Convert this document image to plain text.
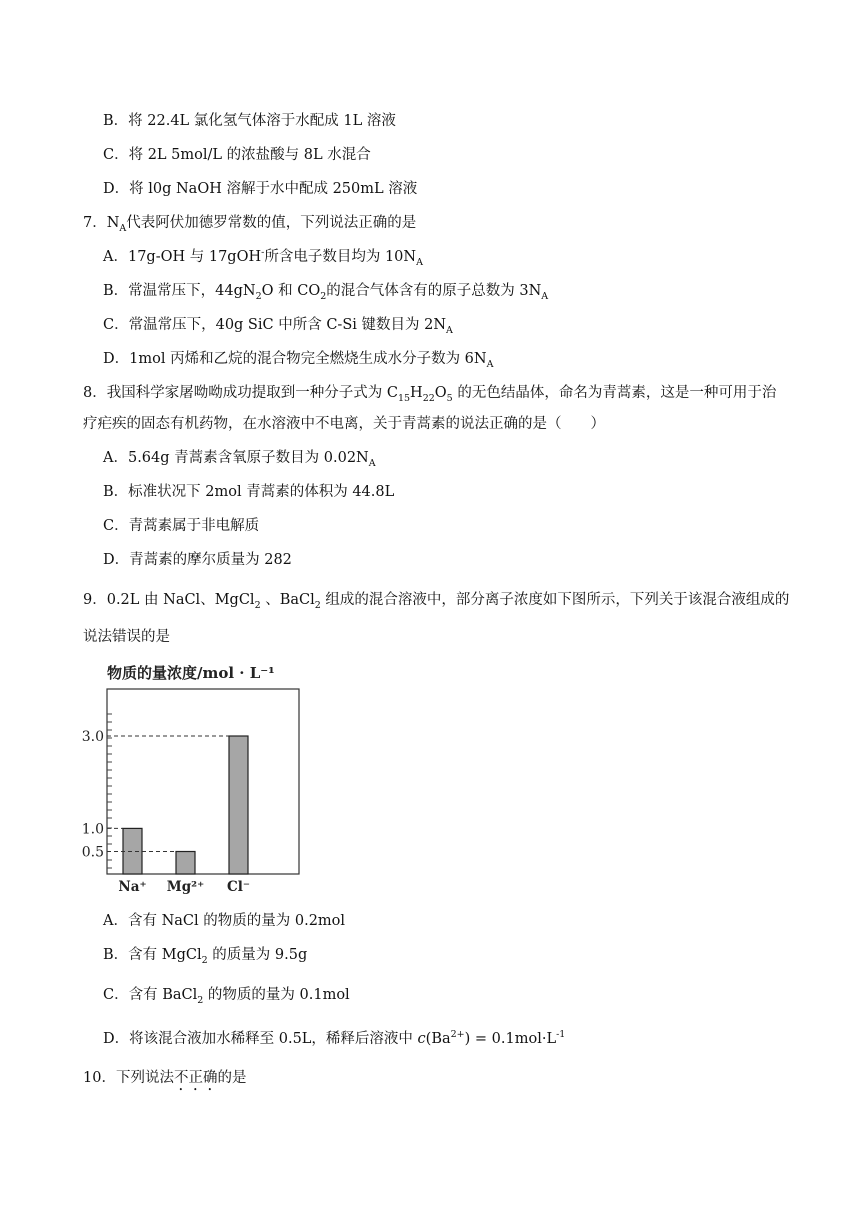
B．将 22.4L 氯化氢气体溶于水配成 1L 溶液
C．将 2L 5mol/L 的浓盐酸与 8L 水混合
D．将 l0g NaOH 溶解于水中配成 250mL 溶液
7．$N_A$代表阿伏加德罗常数的值，下列说法正确的是
A．17g-OH 与 17gOH-所含电子数目均为 $10N_A$
B．常温常压下，$44gN_2O$ 和 $CO_2$的混合气体含有的原子总数为 $3N_A$
C．常温常压下，40g SiC 中所含 C-Si 键数目为 $2N_A$
D．1mol 丙烯和乙烷的混合物完全燃烧生成水分子数为 $6N_A$
8．我国科学家屠呦呦成功提取到一种分子式为 $C_{15}H_{22}O_5$ 的无色结晶体，命名为青蒿素，这是一种可用于治
疗疟疾的固态有机药物，在水溶液中不电离，关于青蒿素的说法正确的是（　　）
A．5.64g 青蒿素含氧原子数目为 $0.02N_A$
B．标准状况下 2mol 青蒿素的体积为 44.8L
C．青蒿素属于非电解质
D．青蒿素的摩尔质量为 282
9．0.2L 由 NaCl、MgCl$_2$ 、BaCl$_2$ 组成的混合溶液中，部分离子浓度如下图所示，下列关于该混合液组成的
说法错误的是
物质的量浓度/mol · L⁻¹
Na⁺ Mg²⁺ Cl⁻
0.5
1.0
3.0
A．含有 NaCl 的物质的量为 0.2mol
B．含有 MgCl$_2$ 的质量为 9.5g
C．含有 BaCl$_2$ 的物质的量为 0.1mol
D．将该混合液加水稀释至 0.5L，稀释后溶液中 $c(Ba^{2+}) = 0.1mol\cdot L^{-1}$
10．下列说法不正确的是
